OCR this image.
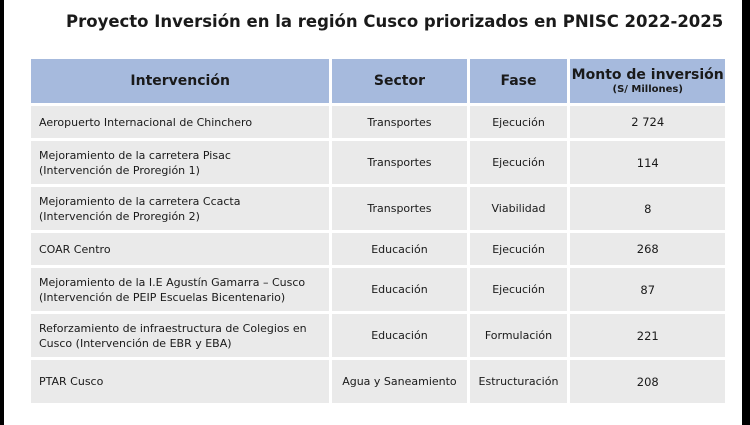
Proyecto Inversión en la región Cusco priorizados en PNISC 2022-2025
Intervención	Sector	Fase	Monto de inversión
(S/ Millones)

Aeropuerto Internacional de Chinchero	Transportes	Ejecución	2 724

Mejoramiento de la carretera Pisac
(Intervención de Proregión 1)	Transportes	Ejecución	114

Mejoramiento de la carretera Ccacta
(Intervención de Proregión 2)	Transportes	Viabilidad	8

COAR Centro	Educación	Ejecución	268

Mejoramiento de la I.E Agustín Gamarra – Cusco
(Intervención de PEIP Escuelas Bicentenario)	Educación	Ejecución	87

Reforzamiento de infraestructura de Colegios en
Cusco (Intervención de EBR y EBA)	Educación	Formulación	221

PTAR Cusco	Agua y Saneamiento	Estructuración	208
